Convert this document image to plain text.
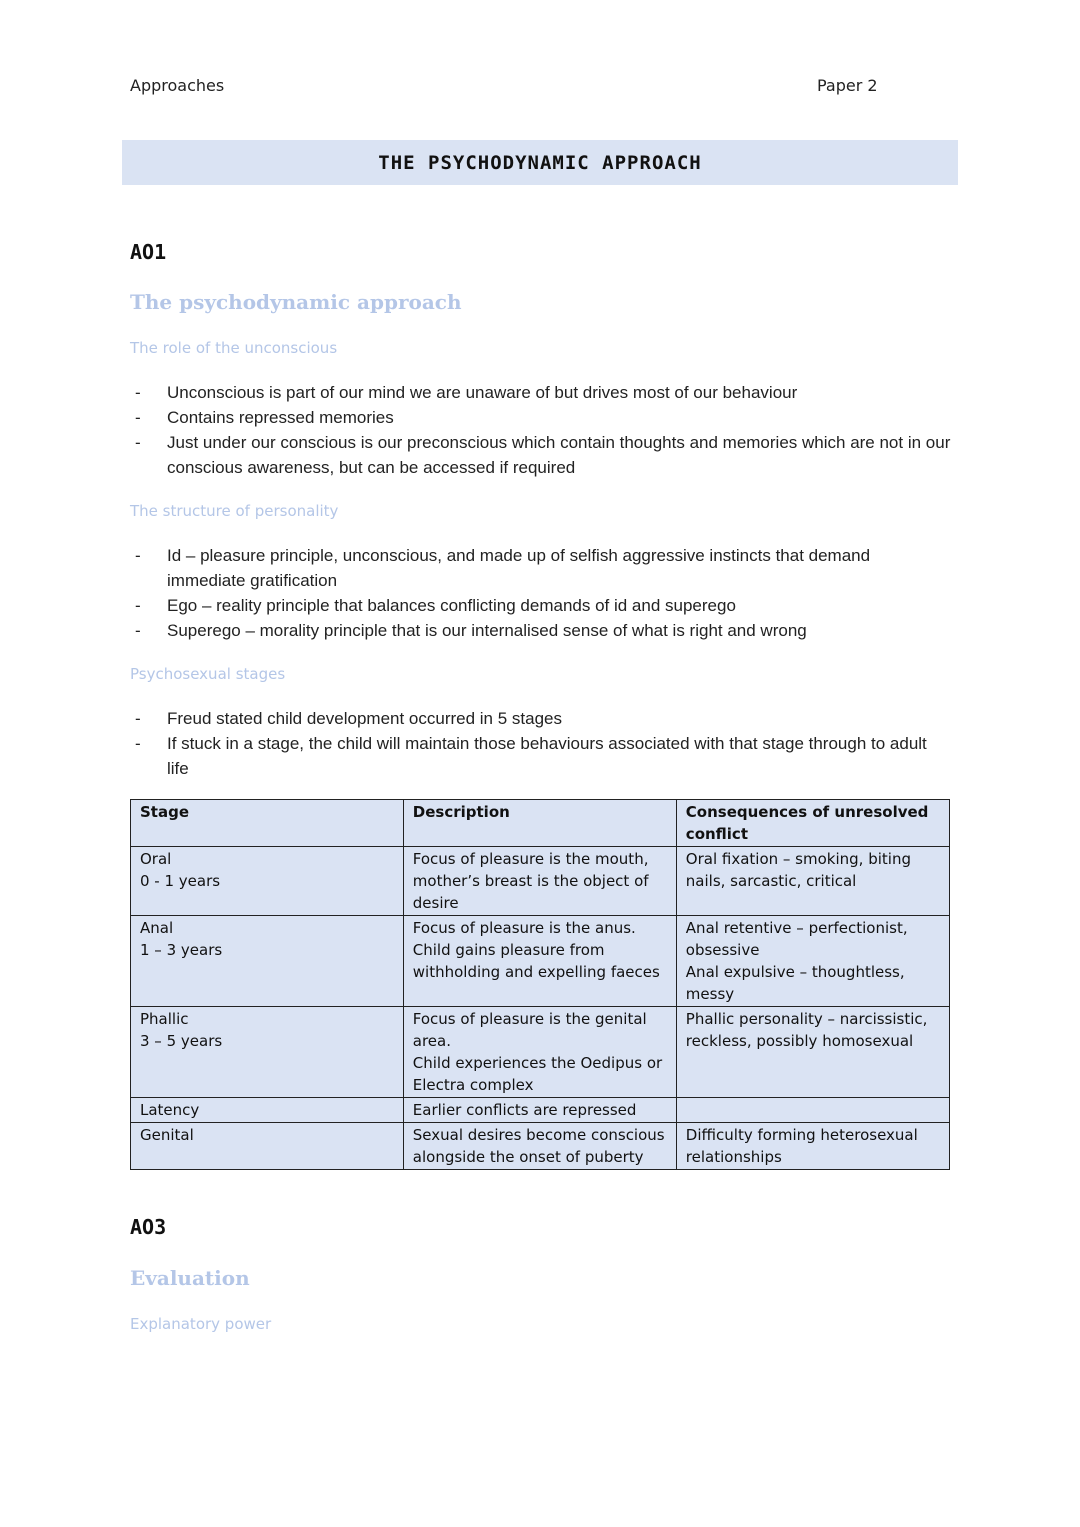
Approaches	Paper 2
THE PSYCHODYNAMIC APPROACH
AO1
The psychodynamic approach
The role of the unconscious
- Unconscious is part of our mind we are unaware of but drives most of our behaviour
- Contains repressed memories
- Just under our conscious is our preconscious which contain thoughts and memories which are not in our conscious awareness, but can be accessed if required
The structure of personality
- Id – pleasure principle, unconscious, and made up of selfish aggressive instincts that demand immediate gratification
- Ego – reality principle that balances conflicting demands of id and superego
- Superego – morality principle that is our internalised sense of what is right and wrong
Psychosexual stages
- Freud stated child development occurred in 5 stages
- If stuck in a stage, the child will maintain those behaviours associated with that stage through to adult life
Stage	Description	Consequences of unresolved conflict

Oral
0 - 1 years	Focus of pleasure is the mouth, mother’s breast is the object of desire	Oral fixation – smoking, biting nails, sarcastic, critical

Anal
1 – 3 years	Focus of pleasure is the anus.
Child gains pleasure from withholding and expelling faeces	Anal retentive – perfectionist, obsessive
Anal expulsive – thoughtless, messy

Phallic
3 – 5 years	Focus of pleasure is the genital area.
Child experiences the Oedipus or Electra complex	Phallic personality – narcissistic, reckless, possibly homosexual

Latency	Earlier conflicts are repressed	

Genital	Sexual desires become conscious alongside the onset of puberty	Difficulty forming heterosexual relationships
AO3
Evaluation
Explanatory power
